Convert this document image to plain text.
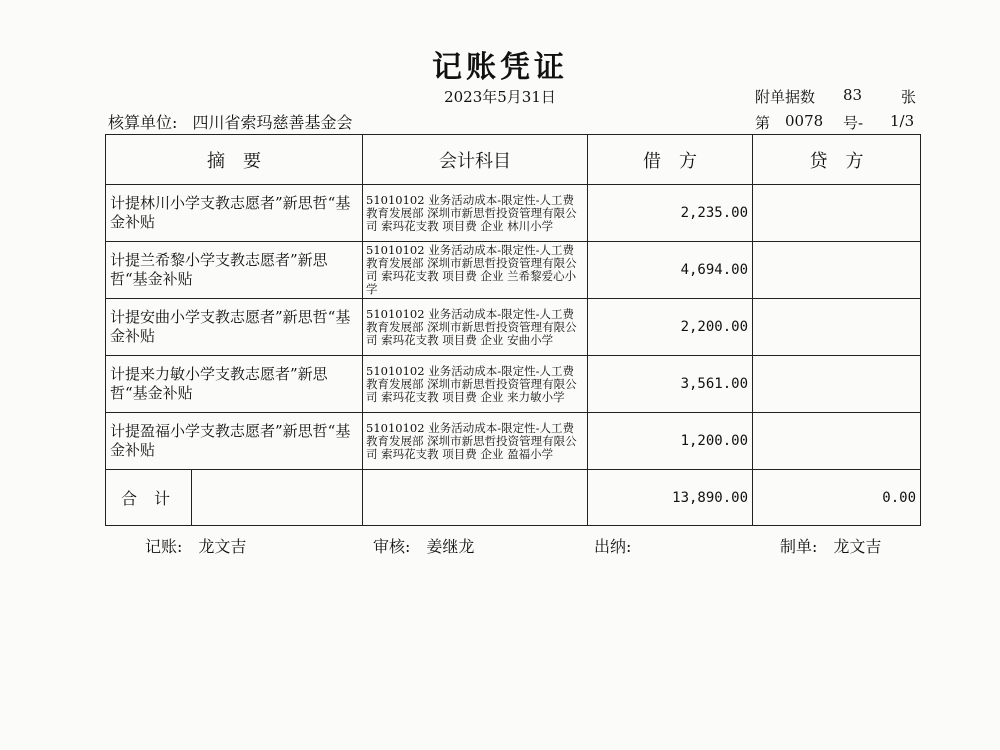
记账凭证
2023年5月31日	附单据数 83	张
核算单位: 四川省索玛慈善基金会	第 0078 号- 1/3
摘　要	会计科目	借　方	贷　方
计提林川小学支教志愿者”新思哲“基金补贴	51010102 业务活动成本-限定性-人工费 教育发展部 深圳市新思哲投资管理有限公司 索玛花支教 项目费 企业 林川小学	2,235.00	
计提兰希黎小学支教志愿者”新思哲“基金补贴	51010102 业务活动成本-限定性-人工费 教育发展部 深圳市新思哲投资管理有限公司 索玛花支教 项目费 企业 兰希黎爱心小学	4,694.00	
计提安曲小学支教志愿者”新思哲“基金补贴	51010102 业务活动成本-限定性-人工费 教育发展部 深圳市新思哲投资管理有限公司 索玛花支教 项目费 企业 安曲小学	2,200.00	
计提来力敏小学支教志愿者”新思哲“基金补贴	51010102 业务活动成本-限定性-人工费 教育发展部 深圳市新思哲投资管理有限公司 索玛花支教 项目费 企业 来力敏小学	3,561.00	
计提盈福小学支教志愿者”新思哲“基金补贴	51010102 业务活动成本-限定性-人工费 教育发展部 深圳市新思哲投资管理有限公司 索玛花支教 项目费 企业 盈福小学	1,200.00	

合 计		13,890.00	0.00
记账:　龙文吉	审核:　姜继龙	出纳:	制单:　龙文吉
